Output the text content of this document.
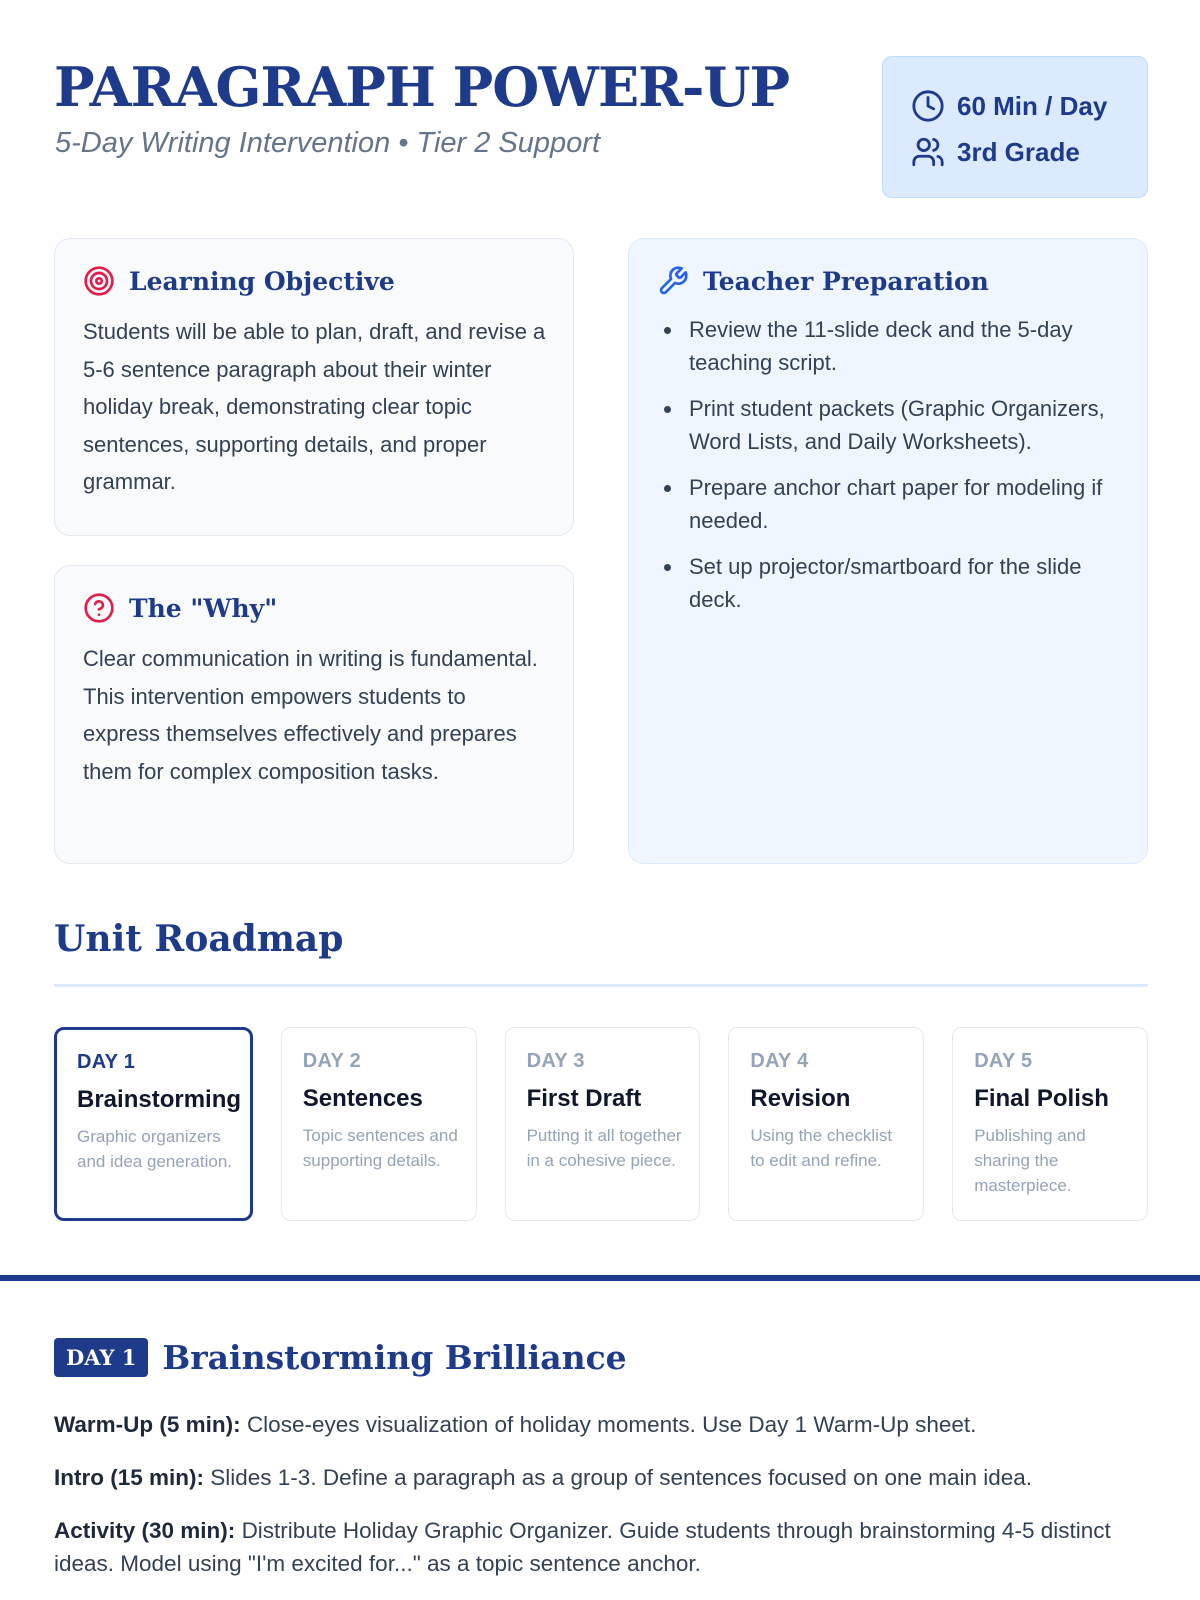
PARAGRAPH POWER-UP
5-Day Writing Intervention • Tier 2 Support
60 Min / Day
3rd Grade
Learning Objective

Students will be able to plan, draft, and revise a 5-6 sentence paragraph about their winter holiday break, demonstrating clear topic sentences, supporting details, and proper grammar.

The "Why"

Clear communication in writing is fundamental. This intervention empowers students to express themselves effectively and prepares them for complex composition tasks.

Teacher Preparation
Review the 11-slide deck and the 5-day teaching script.
Print student packets (Graphic Organizers, Word Lists, and Daily Worksheets).
Prepare anchor chart paper for modeling if needed.
Set up projector/smartboard for the slide deck.
Unit Roadmap
DAY 1
Brainstorming
Graphic organizers and idea generation.
DAY 2
Sentences
Topic sentences and supporting details.
DAY 3
First Draft
Putting it all together in a cohesive piece.
DAY 4
Revision
Using the checklist to edit and refine.
DAY 5
Final Polish
Publishing and sharing the masterpiece.
DAY 1 Brainstorming Brilliance

Warm-Up (5 min): Close-eyes visualization of holiday moments. Use Day 1 Warm-Up sheet.

Intro (15 min): Slides 1-3. Define a paragraph as a group of sentences focused on one main idea.

Activity (30 min): Distribute Holiday Graphic Organizer. Guide students through brainstorming 4-5 distinct ideas. Model using "I'm excited for..." as a topic sentence anchor.
